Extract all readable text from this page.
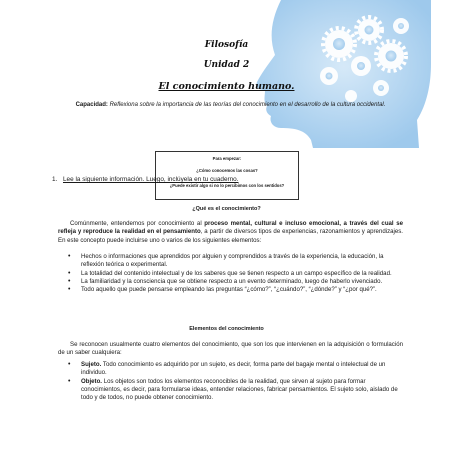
Filosofía
Unidad 2
El conocimiento humano.
Capacidad: Reflexiona sobre la importancia de las teorías del conocimiento en el desarrollo de la cultura occidental.
Para empezar:
¿Cómo conocemos las cosas?
¿Puede existir algo si no lo percibimos con los sentidos?
1. Lee la siguiente información. Luego, inclúyela en tu cuaderno.
¿Qué es el conocimiento?
Comúnmente, entendemos por conocimiento al proceso mental, cultural e incluso emocional, a través del cual se refleja y reproduce la realidad en el pensamiento, a partir de diversos tipos de experiencias, razonamientos y aprendizajes. En este concepto puede incluirse uno o varios de los siguientes elementos:
• Hechos o informaciones que aprendidos por alguien y comprendidos a través de la experiencia, la educación, la reflexión teórica o experimental.
• La totalidad del contenido intelectual y de los saberes que se tienen respecto a un campo específico de la realidad.
• La familiaridad y la consciencia que se obtiene respecto a un evento determinado, luego de haberlo vivenciado.
• Todo aquello que puede pensarse empleando las preguntas “¿cómo?”, “¿cuándo?”, “¿dónde?” y “¿por qué?”.
Elementos del conocimiento
Se reconocen usualmente cuatro elementos del conocimiento, que son los que intervienen en la adquisición o formulación de un saber cualquiera:
• Sujeto. Todo conocimiento es adquirido por un sujeto, es decir, forma parte del bagaje mental o intelectual de un individuo.
• Objeto. Los objetos son todos los elementos reconocibles de la realidad, que sirven al sujeto para formar conocimientos, es decir, para formularse ideas, entender relaciones, fabricar pensamientos. El sujeto solo, aislado de todo y de todos, no puede obtener conocimiento.
